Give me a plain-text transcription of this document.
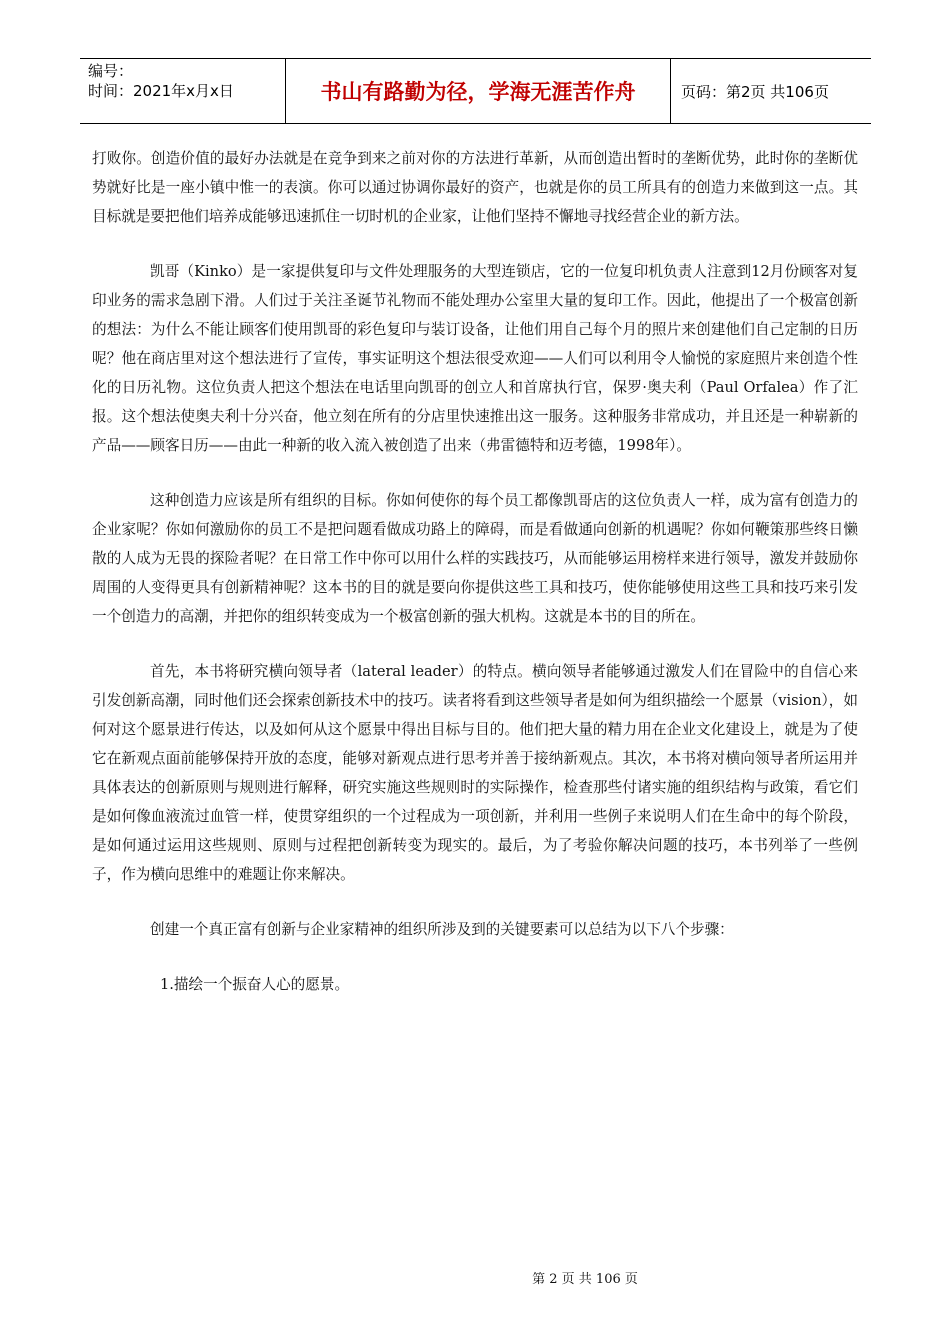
编号：
时间：2021年x月x日	书山有路勤为径，学海无涯苦作舟	页码：第2页 共106页

打败你。创造价值的最好办法就是在竞争到来之前对你的方法进行革新，从而创造出暂时的垄断优势，此时你的垄断优势就好比是一座小镇中惟一的表演。你可以通过协调你最好的资产，也就是你的员工所具有的创造力来做到这一点。其目标就是要把他们培养成能够迅速抓住一切时机的企业家，让他们坚持不懈地寻找经营企业的新方法。

凯哥（Kinko）是一家提供复印与文件处理服务的大型连锁店，它的一位复印机负责人注意到12月份顾客对复印业务的需求急剧下滑。人们过于关注圣诞节礼物而不能处理办公室里大量的复印工作。因此，他提出了一个极富创新的想法：为什么不能让顾客们使用凯哥的彩色复印与装订设备，让他们用自己每个月的照片来创建他们自己定制的日历呢？他在商店里对这个想法进行了宣传，事实证明这个想法很受欢迎——人们可以利用令人愉悦的家庭照片来创造个性化的日历礼物。这位负责人把这个想法在电话里向凯哥的创立人和首席执行官，保罗·奥夫利（Paul Orfalea）作了汇报。这个想法使奥夫利十分兴奋，他立刻在所有的分店里快速推出这一服务。这种服务非常成功，并且还是一种崭新的产品——顾客日历——由此一种新的收入流入被创造了出来（弗雷德特和迈考德，1998年）。

这种创造力应该是所有组织的目标。你如何使你的每个员工都像凯哥店的这位负责人一样，成为富有创造力的企业家呢？你如何激励你的员工不是把问题看做成功路上的障碍，而是看做通向创新的机遇呢？你如何鞭策那些终日懒散的人成为无畏的探险者呢？在日常工作中你可以用什么样的实践技巧，从而能够运用榜样来进行领导，激发并鼓励你周围的人变得更具有创新精神呢？这本书的目的就是要向你提供这些工具和技巧，使你能够使用这些工具和技巧来引发一个创造力的高潮，并把你的组织转变成为一个极富创新的强大机构。这就是本书的目的所在。

首先，本书将研究横向领导者（lateral leader）的特点。横向领导者能够通过激发人们在冒险中的自信心来引发创新高潮，同时他们还会探索创新技术中的技巧。读者将看到这些领导者是如何为组织描绘一个愿景（vision），如何对这个愿景进行传达，以及如何从这个愿景中得出目标与目的。他们把大量的精力用在企业文化建设上，就是为了使它在新观点面前能够保持开放的态度，能够对新观点进行思考并善于接纳新观点。其次，本书将对横向领导者所运用并具体表达的创新原则与规则进行解释，研究实施这些规则时的实际操作，检查那些付诸实施的组织结构与政策，看它们是如何像血液流过血管一样，使贯穿组织的一个过程成为一项创新，并利用一些例子来说明人们在生命中的每个阶段，是如何通过运用这些规则、原则与过程把创新转变为现实的。最后，为了考验你解决问题的技巧，本书列举了一些例子，作为横向思维中的难题让你来解决。

创建一个真正富有创新与企业家精神的组织所涉及到的关键要素可以总结为以下八个步骤：

1.描绘一个振奋人心的愿景。

第 2 页 共 106 页
